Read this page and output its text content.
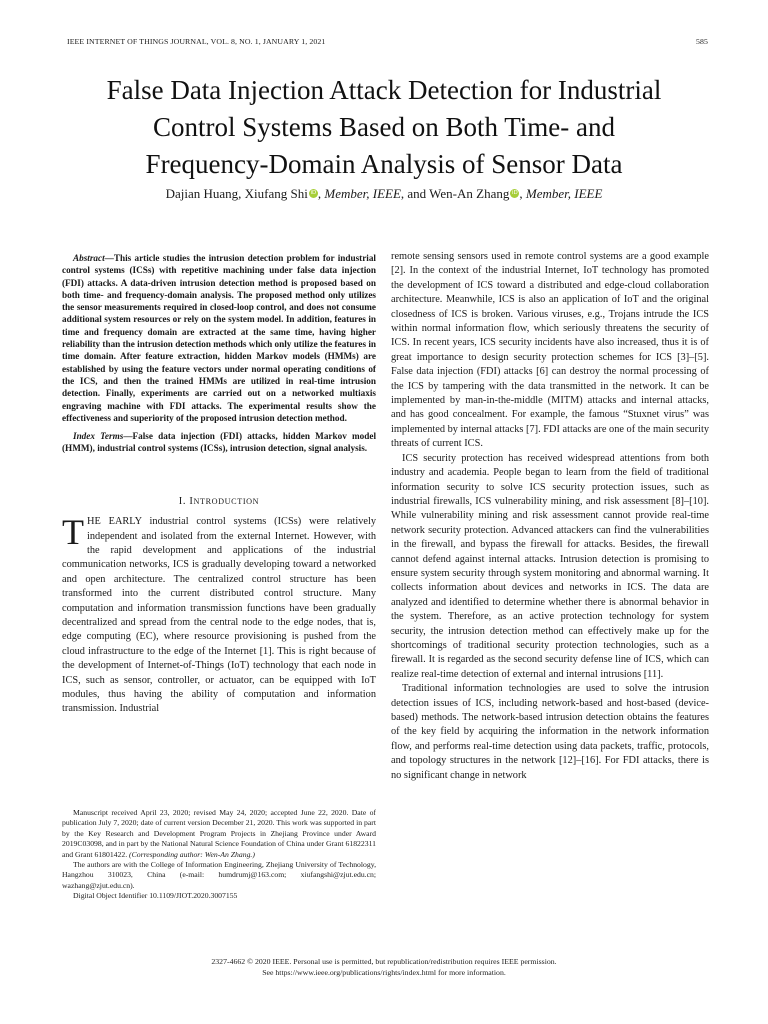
IEEE INTERNET OF THINGS JOURNAL, VOL. 8, NO. 1, JANUARY 1, 2021	585
False Data Injection Attack Detection for Industrial
Control Systems Based on Both Time- and
Frequency-Domain Analysis of Sensor Data
Dajian Huang, Xiufang Shi iD , Member, IEEE, and Wen-An Zhang iD , Member, IEEE

Abstract—This article studies the intrusion detection problem for industrial control systems (ICSs) with repetitive machining under false data injection (FDI) attacks. A data-driven intrusion detection method is proposed based on both time- and frequency-domain analysis. The proposed method only utilizes the sensor measurements required in closed-loop control, and does not consume additional system resources or rely on the system model. In addition, features in time and frequency domain are extracted at the same time, having higher reliability than the intrusion detection methods which only utilize the features in time domain. After feature extraction, hidden Markov models (HMMs) are established by using the feature vectors under normal operating conditions of the ICS, and then the trained HMMs are utilized in real-time intrusion detection. Finally, experiments are carried out on a networked multiaxis engraving machine with FDI attacks. The experimental results show the effectiveness and superiority of the proposed intrusion detection method.

Index Terms—False data injection (FDI) attacks, hidden Markov model (HMM), industrial control systems (ICSs), intrusion detection, signal analysis.

I. INTRODUCTION

THE EARLY industrial control systems (ICSs) were relatively independent and isolated from the external Internet. However, with the rapid development and applications of the industrial communication networks, ICS is gradually developing toward a networked and open architecture. The centralized control structure has been transformed into the current distributed control structure. Many computation and information transmission functions have been gradually decentralized and spread from the central node to the edge nodes, that is, edge computing (EC), where resource provisioning is pushed from the cloud infrastructure to the edge of the Internet [1]. This is right because of the development of Internet-of-Things (IoT) technology that each node in ICS, such as sensor, controller, or actuator, can be equipped with IoT modules, thus having the ability of computation and information transmission. Industrial

Manuscript received April 23, 2020; revised May 24, 2020; accepted June 22, 2020. Date of publication July 7, 2020; date of current version December 21, 2020. This work was supported in part by the Key Research and Development Program Projects in Zhejiang Province under Award 2019C03098, and in part by the National Natural Science Foundation of China under Grant 61822311 and Grant 61801422. (Corresponding author: Wen-An Zhang.)

The authors are with the College of Information Engineering, Zhejiang University of Technology, Hangzhou 310023, China (e-mail: humdrumj@163.com; xiufangshi@zjut.edu.cn; wazhang@zjut.edu.cn).

Digital Object Identifier 10.1109/JIOT.2020.3007155

remote sensing sensors used in remote control systems are a good example [2]. In the context of the industrial Internet, IoT technology has promoted the development of ICS toward a distributed and edge-cloud collaboration architecture. Meanwhile, ICS is also an application of IoT and the original closedness of ICS is broken. Various viruses, e.g., Trojans intrude the ICS within normal information flow, which seriously threatens the security of ICS. In recent years, ICS security incidents have also increased, thus it is of great importance to design security protection schemes for ICS [3]–[5]. False data injection (FDI) attacks [6] can destroy the normal processing of the ICS by tampering with the data transmitted in the network. It can be implemented by man-in-the-middle (MITM) attacks and internal attacks, and has good concealment. For example, the famous “Stuxnet virus” was implemented by internal attacks [7]. FDI attacks are one of the main security threats of current ICS.

ICS security protection has received widespread attentions from both industry and academia. People began to learn from the field of traditional information security to solve ICS security protection issues, such as industrial firewalls, ICS vulnerability mining, and risk assessment [8]–[10]. While vulnerability mining and risk assessment cannot provide real-time network security protection. Advanced attackers can find the vulnerabilities in the firewall, and bypass the firewall for attacks. Besides, the firewall cannot defend against internal attacks. Intrusion detection is promising to ensure system security through system monitoring and abnormal warning. It collects information about devices and networks in ICS. The data are analyzed and identified to determine whether there is abnormal behavior in the system. Therefore, as an active protection technology for system security, the intrusion detection method can effectively make up for the shortcomings of traditional security protection technologies, such as a firewall. It is regarded as the second security defense line of ICS, which can realize real-time detection of external and internal intrusions [11].

Traditional information technologies are used to solve the intrusion detection issues of ICS, including network-based and host-based (device-based) methods. The network-based intrusion detection obtains the features of the key field by acquiring the information in the network information flow, and performs real-time detection using data packets, traffic, protocols, and topology structures in the network [12]–[16]. For FDI attacks, there is no significant change in network

2327-4662 © 2020 IEEE. Personal use is permitted, but republication/redistribution requires IEEE permission.
See https://www.ieee.org/publications/rights/index.html for more information.
